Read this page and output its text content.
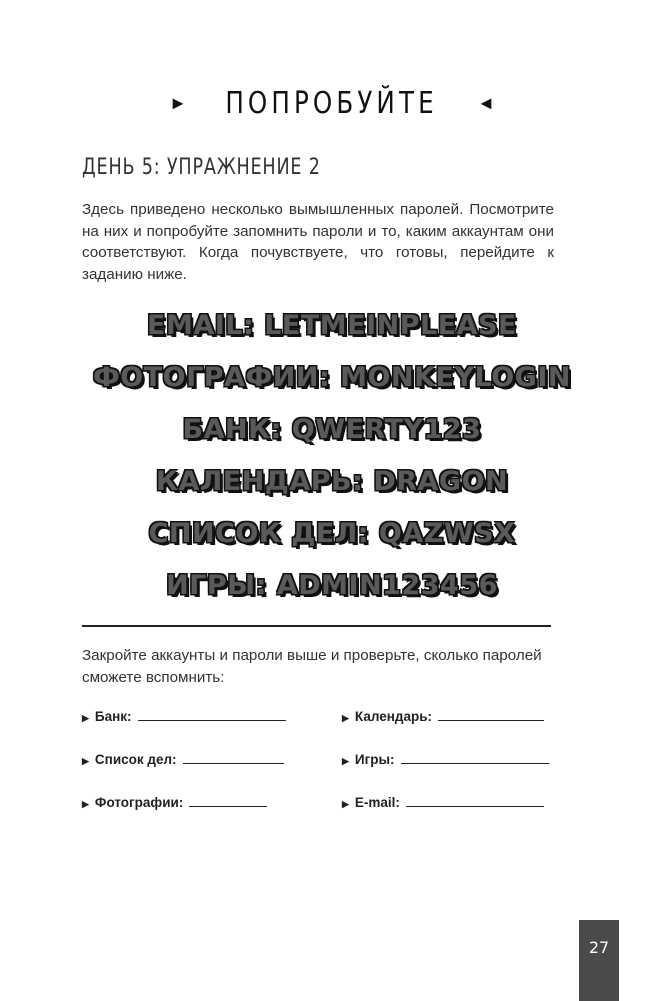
▶ ПОПРОБУЙТЕ	◀
ДЕНЬ 5: УПРАЖНЕНИЕ 2
Здесь приведено несколько вымышленных паролей. Посмотрите на них и попробуйте запомнить пароли и то, каким аккаунтам они соответствуют. Когда почувствуете, что готовы, перейдите к заданию ниже.
EMAIL: LETMEINPLEASE
ФОТОГРАФИИ: MONKEYLOGIN
БАНК: QWERTY123
КАЛЕНДАРЬ: DRAGON
СПИСОК ДЕЛ: QAZWSX
ИГРЫ: ADMIN123456
Закройте аккаунты и пароли выше и проверьте, сколько паролей сможете вспомнить:
▶ Банк:	▶ Календарь:
▶ Список дел:	▶ Игры:
▶ Фотографии:	▶ E-mail:
27
